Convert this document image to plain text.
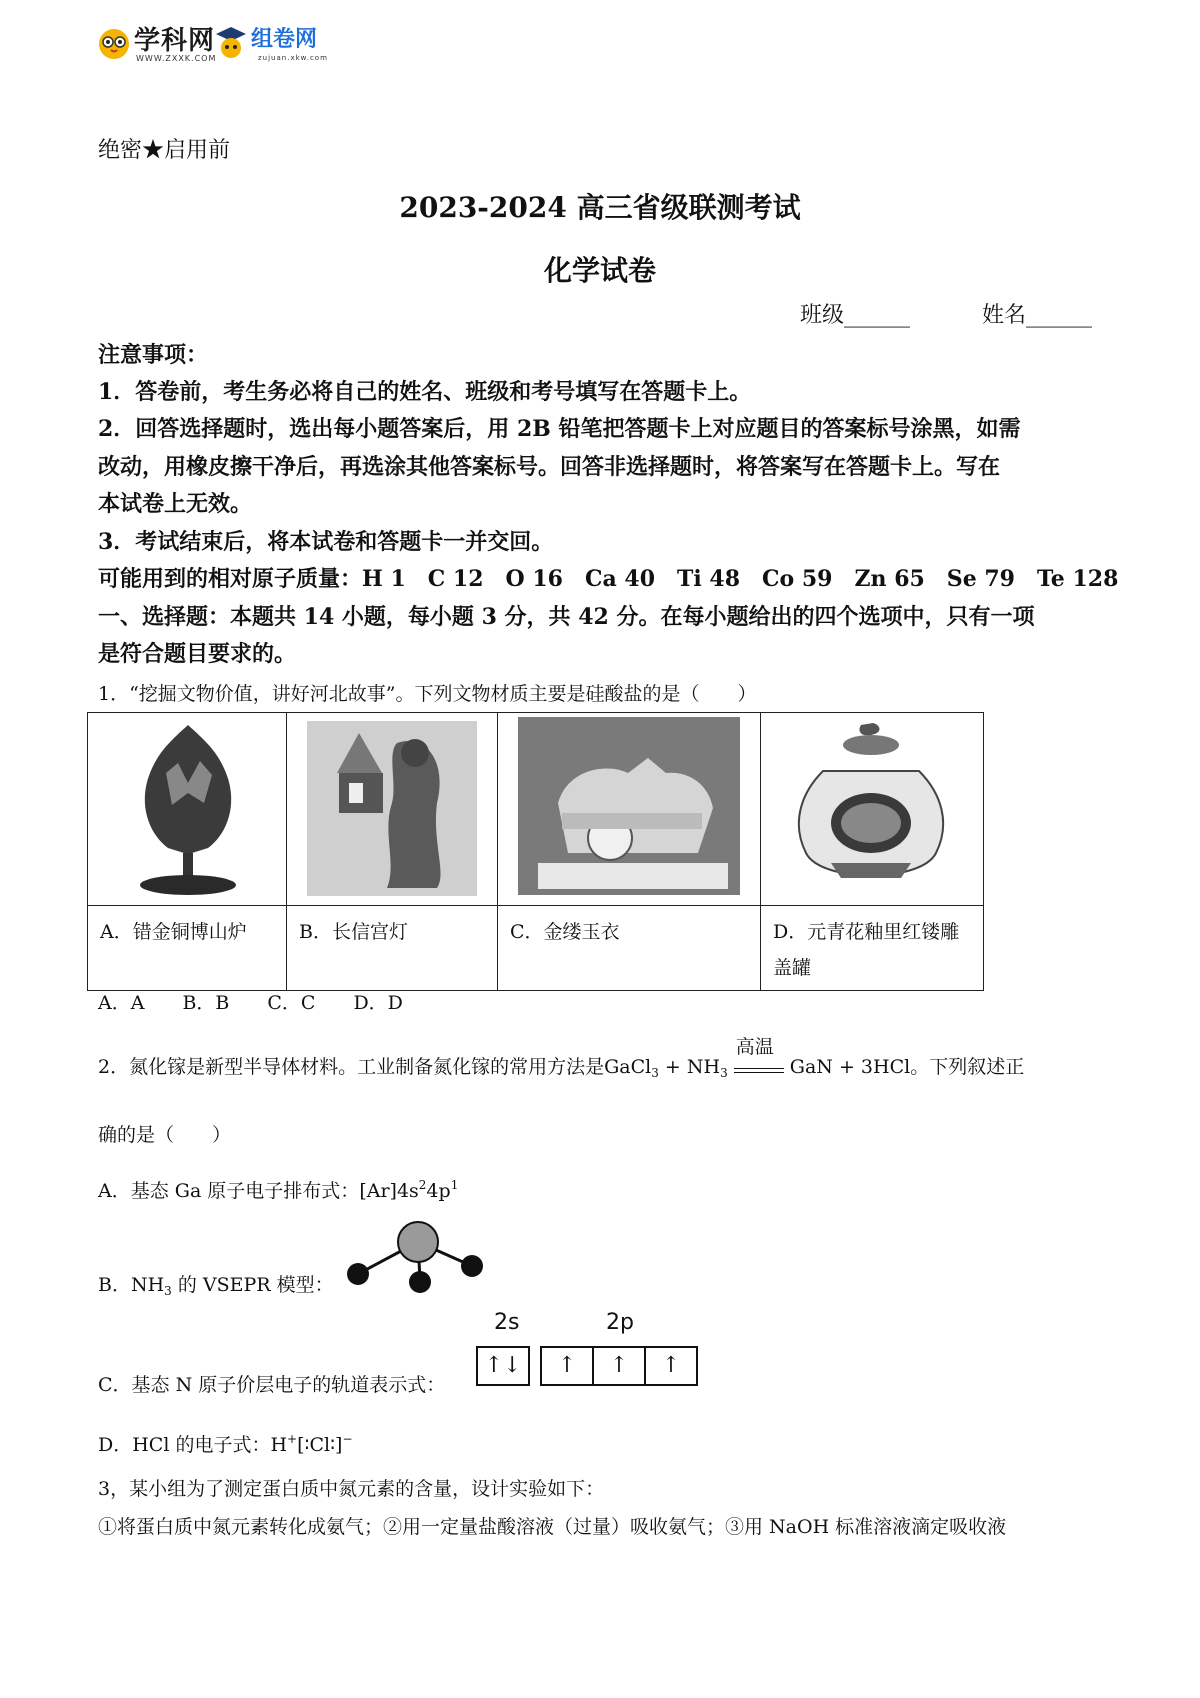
学科网
WWW.ZXXK.COM
组卷网
zujuan.xkw.com
绝密★启用前
2023-2024 高三省级联测考试
化学试卷
班级______	姓名______
注意事项：
1．答卷前，考生务必将自己的姓名、班级和考号填写在答题卡上。
2．回答选择题时，选出每小题答案后，用 2B 铅笔把答题卡上对应题目的答案标号涂黑，如需
改动，用橡皮擦干净后，再选涂其他答案标号。回答非选择题时，将答案写在答题卡上。写在
本试卷上无效。
3．考试结束后，将本试卷和答题卡一并交回。
可能用到的相对原子质量：H 1　C 12　O 16　Ca 40　Ti 48　Co 59　Zn 65　Se 79　Te 128
一、选择题：本题共 14 小题，每小题 3 分，共 42 分。在每小题给出的四个选项中，只有一项
是符合题目要求的。
1．“挖掘文物价值，讲好河北故事”。下列文物材质主要是硅酸盐的是（　　）

A．错金铜博山炉	B．长信宫灯	C．金缕玉衣	D．元青花釉里红镂雕盖罐
A．A　　B．B　　C．C　　D．D
2．氮化镓是新型半导体材料。工业制备氮化镓的常用方法是GaCl$_3$ + $NH_3$
高温
GaN + 3HCl。下列叙述正
确的是（　　）
A．基态 Ga 原子电子排布式：$[Ar]4s^24p^1$
B．$NH_3$ 的 VSEPR 模型：
C．基态 N 原子价层电子的轨道表示式：
2s	2p
↑↓	↑	↑	↑
D．HCl 的电子式：H+[∶Cl∶]−
3，某小组为了测定蛋白质中氮元素的含量，设计实验如下：
①将蛋白质中氮元素转化成氨气；②用一定量盐酸溶液（过量）吸收氨气；③用 NaOH 标准溶液滴定吸收液
